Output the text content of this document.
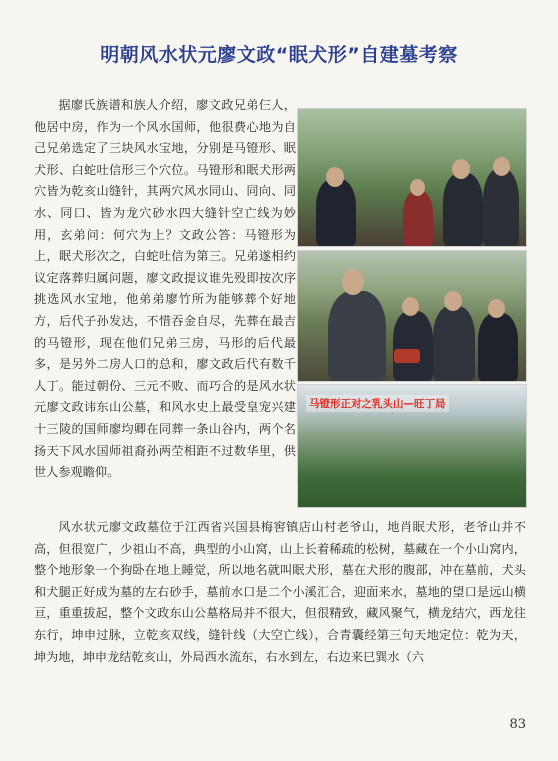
明朝风水状元廖文政“眠犬形”自建墓考察

据廖氏族谱和族人介绍，廖文政兄弟仨人，他居中房，作为一个风水国师，他很费心地为自己兄弟选定了三块风水宝地，分别是马镫形、眠犬形、白蛇吐信形三个穴位。马镫形和眠犬形两穴皆为乾亥山缝针，其两穴风水同山、同向、同水、同口、皆为龙穴砂水四大缝针空亡线为妙用，玄弟问：何穴为上？文政公答：马镫形为上，眠犬形次之，白蛇吐信为第三。兄弟遂相约议定落葬归属问题，廖文政提议谁先殁即按次序挑选风水宝地，他弟弟廖竹所为能够葬个好地方，后代子孙发达，不惜吞金自尽，先葬在最吉的马镫形，现在他们兄弟三房，马形的后代最多，是另外二房人口的总和，廖文政后代有数千人丁。能过朝份、三元不败、而巧合的是风水状元廖文政讳东山公墓，和风水史上最受皇宠兴建十三陵的国师廖均卿在同葬一条山谷内，两个名扬天下风水国师祖裔孙两茔相距不过数华里，供世人参观瞻仰。

马镫形正对之乳头山—旺丁局

风水状元廖文政墓位于江西省兴国县梅窖镇店山村老爷山，地肖眠犬形，老爷山并不高，但很宽广，少祖山不高，典型的小山窝，山上长着稀疏的松树，墓藏在一个小山窝内，整个地形象一个狗卧在地上睡觉，所以地名就叫眠犬形，墓在犬形的腹部，冲在墓前，犬头和犬腿正好成为墓的左右砂手，墓前水口是二个小溪汇合，迎面来水，墓地的望口是远山横亘，重重拔起，整个文政东山公墓格局并不很大，但很精致，藏风聚气，横龙结穴，西龙往东行，坤申过脉，立乾亥双线，缝针线（大空亡线），合青囊经第三句天地定位：乾为天，坤为地，坤申龙结乾亥山，外局西水流东，右水到左，右边来巳巽水（六

83
